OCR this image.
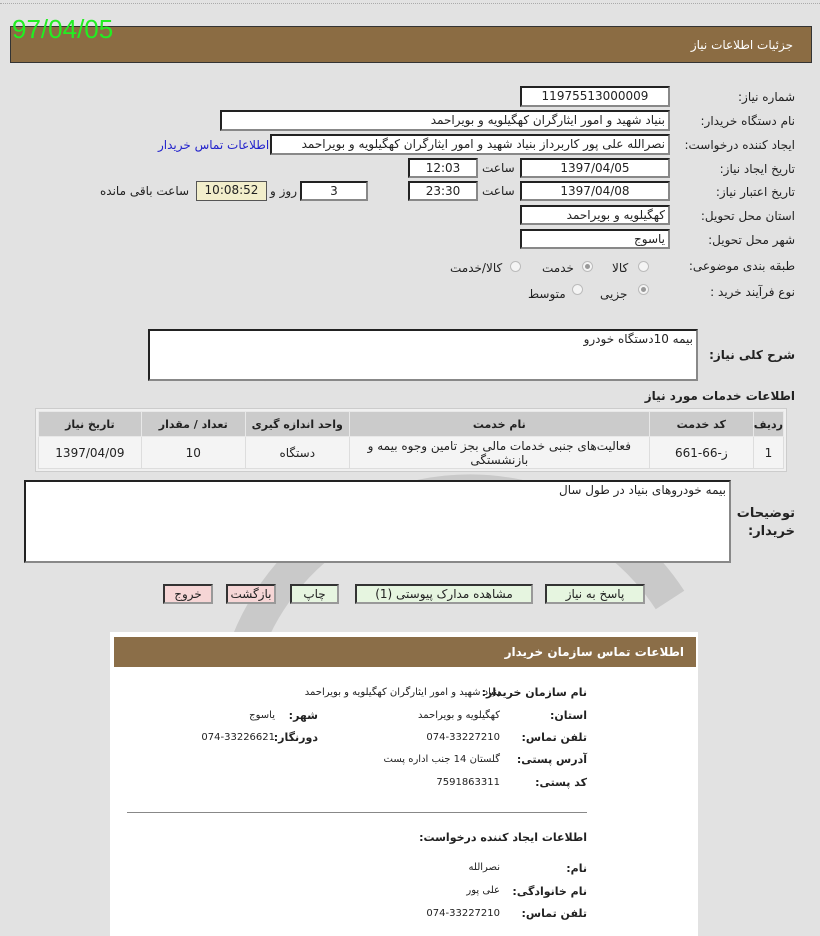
97/04/05
جزئیات اطلاعات نیاز
شماره نیاز:
11975513000009
نام دستگاه خریدار:
بنیاد شهید و امور ایثارگران کهگیلویه و بویراحمد
ایجاد کننده درخواست:
نصرالله علی پور کاربرداز بنیاد شهید و امور ایثارگران کهگیلویه و بویراحمد
اطلاعات تماس خریدار
تاریخ ایجاد نیاز:
1397/04/05
ساعت
12:03
تاریخ اعتبار نیاز:
1397/04/08
ساعت
23:30
3
روز و
10:08:52
ساعت باقی مانده
استان محل تحویل:
کهگیلویه و بویراحمد
شهر محل تحویل:
یاسوج
طبقه بندی موضوعی:
کالا
خدمت
کالا/خدمت
نوع فرآیند خرید :
جزیی
متوسط
شرح کلی نیاز:
بیمه 10دستگاه خودرو
اطلاعات خدمات مورد نیاز
ردیف	کد خدمت	نام خدمت	واحد اندازه گیری	تعداد / مقدار	تاریخ نیاز
1	ز-66-661	فعالیت‌های جنبی خدمات مالی بجز تامین وجوه بیمه و بازنشستگی	دستگاه	10	1397/04/09
توضیحات خریدار:
بیمه خودروهای بنیاد در طول سال
پاسخ به نیاز
مشاهده مدارک پیوستی (1)
چاپ
بازگشت
خروج
اطلاعات تماس سازمان خریدار
نام سازمان خریدار:
بنیاد شهید و امور ایثارگران کهگیلویه و بویراحمد
استان:
کهگیلویه و بویراحمد
شهر:
یاسوج
تلفن تماس:
074-33227210
دورنگار:
074-33226621
آدرس پستی:
گلستان 14 جنب اداره پست
کد پستی:
7591863311
اطلاعات ایجاد کننده درخواست:
نام:
نصرالله
نام خانوادگی:
علی پور
تلفن تماس:
074-33227210
